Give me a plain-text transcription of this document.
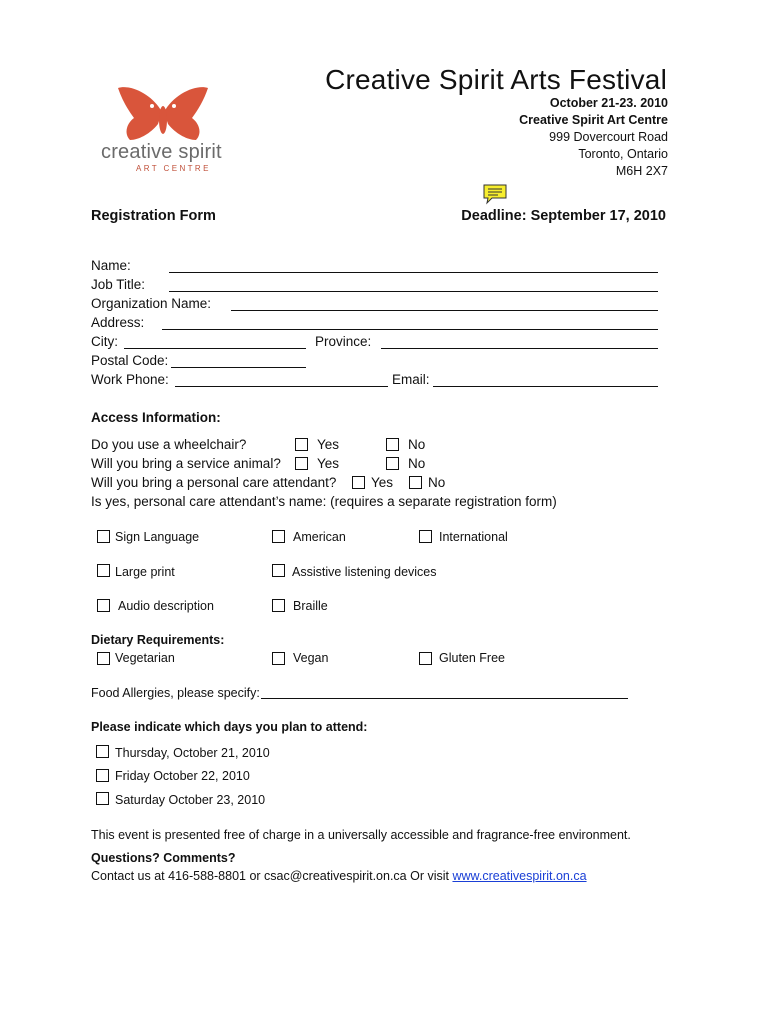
creative spirit
ART CENTRE
Creative Spirit Arts Festival
October 21-23. 2010
Creative Spirit Art Centre
999 Dovercourt Road
Toronto, Ontario
M6H 2X7
Registration Form	Deadline: September 17, 2010
Name:
Job Title:
Organization Name:
Address:
City:	Province:
Postal Code:
Work Phone:	Email:
Access Information:
Do you use a wheelchair?	Yes	No
Will you bring a service animal?	Yes	No
Will you bring a personal care attendant?	Yes	No
Is yes, personal care attendant’s name: (requires a separate registration form)
Sign Language	American	International
Large print	Assistive listening devices
Audio description	Braille
Dietary Requirements:
Vegetarian	Vegan	Gluten Free
Food Allergies, please specify:
Please indicate which days you plan to attend:
Thursday, October 21, 2010
Friday October 22, 2010
Saturday October 23, 2010
This event is presented free of charge in a universally accessible and fragrance-free environment.
Questions? Comments?
Contact us at 416-588-8801 or csac@creativespirit.on.ca Or visit www.creativespirit.on.ca
